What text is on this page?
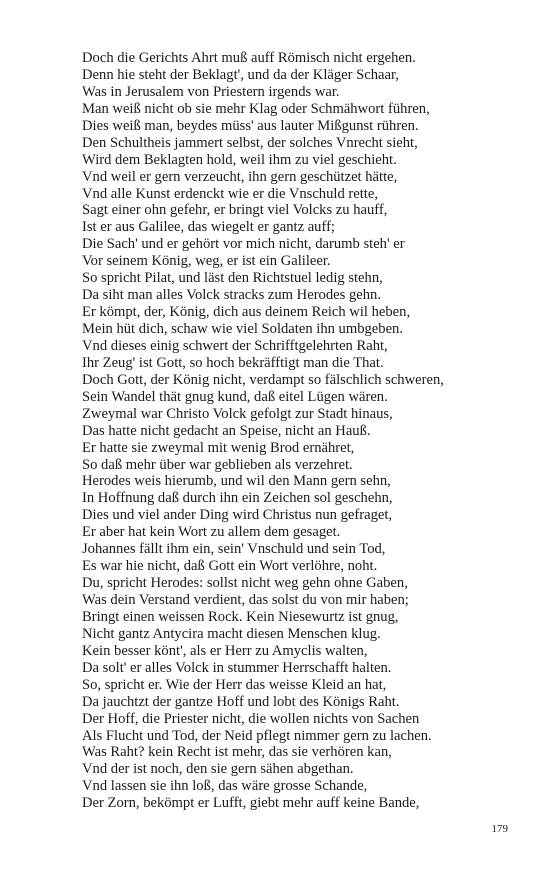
Doch die Gerichts Ahrt muß auff Römisch nicht ergehen.
Denn hie steht der Beklagt', und da der Kläger Schaar,
Was in Jerusalem von Priestern irgends war.
Man weiß nicht ob sie mehr Klag oder Schmähwort führen,
Dies weiß man, beydes müss' aus lauter Mißgunst rühren.
Den Schultheis jammert selbst, der solches Vnrecht sieht,
Wird dem Beklagten hold, weil ihm zu viel geschieht.
Vnd weil er gern verzeucht, ihn gern geschützet hätte,
Vnd alle Kunst erdenckt wie er die Vnschuld rette,
Sagt einer ohn gefehr, er bringt viel Volcks zu hauff,
Ist er aus Galilee, das wiegelt er gantz auff;
Die Sach' und er gehört vor mich nicht, darumb steh' er
Vor seinem König, weg, er ist ein Galileer.
So spricht Pilat, und läst den Richtstuel ledig stehn,
Da siht man alles Volck stracks zum Herodes gehn.
Er kömpt, der, König, dich aus deinem Reich wil heben,
Mein hüt dich, schaw wie viel Soldaten ihn umbgeben.
Vnd dieses einig schwert der Schrifftgelehrten Raht,
Ihr Zeug' ist Gott, so hoch bekräfftigt man die That.
Doch Gott, der König nicht, verdampt so fälschlich schweren,
Sein Wandel thät gnug kund, daß eitel Lügen wären.
Zweymal war Christo Volck gefolgt zur Stadt hinaus,
Das hatte nicht gedacht an Speise, nicht an Hauß.
Er hatte sie zweymal mit wenig Brod ernähret,
So daß mehr über war geblieben als verzehret.
Herodes weis hierumb, und wil den Mann gern sehn,
In Hoffnung daß durch ihn ein Zeichen sol geschehn,
Dies und viel ander Ding wird Christus nun gefraget,
Er aber hat kein Wort zu allem dem gesaget.
Johannes fällt ihm ein, sein' Vnschuld und sein Tod,
Es war hie nicht, daß Gott ein Wort verlöhre, noht.
Du, spricht Herodes: sollst nicht weg gehn ohne Gaben,
Was dein Verstand verdient, das solst du von mir haben;
Bringt einen weissen Rock. Kein Niesewurtz ist gnug,
Nicht gantz Antycira macht diesen Menschen klug.
Kein besser könt', als er Herr zu Amyclis walten,
Da solt' er alles Volck in stummer Herrschafft halten.
So, spricht er. Wie der Herr das weisse Kleid an hat,
Da jauchtzt der gantze Hoff und lobt des Königs Raht.
Der Hoff, die Priester nicht, die wollen nichts von Sachen
Als Flucht und Tod, der Neid pflegt nimmer gern zu lachen.
Was Raht? kein Recht ist mehr, das sie verhören kan,
Vnd der ist noch, den sie gern sähen abgethan.
Vnd lassen sie ihn loß, das wäre grosse Schande,
Der Zorn, bekömpt er Lufft, giebt mehr auff keine Bande,
179
